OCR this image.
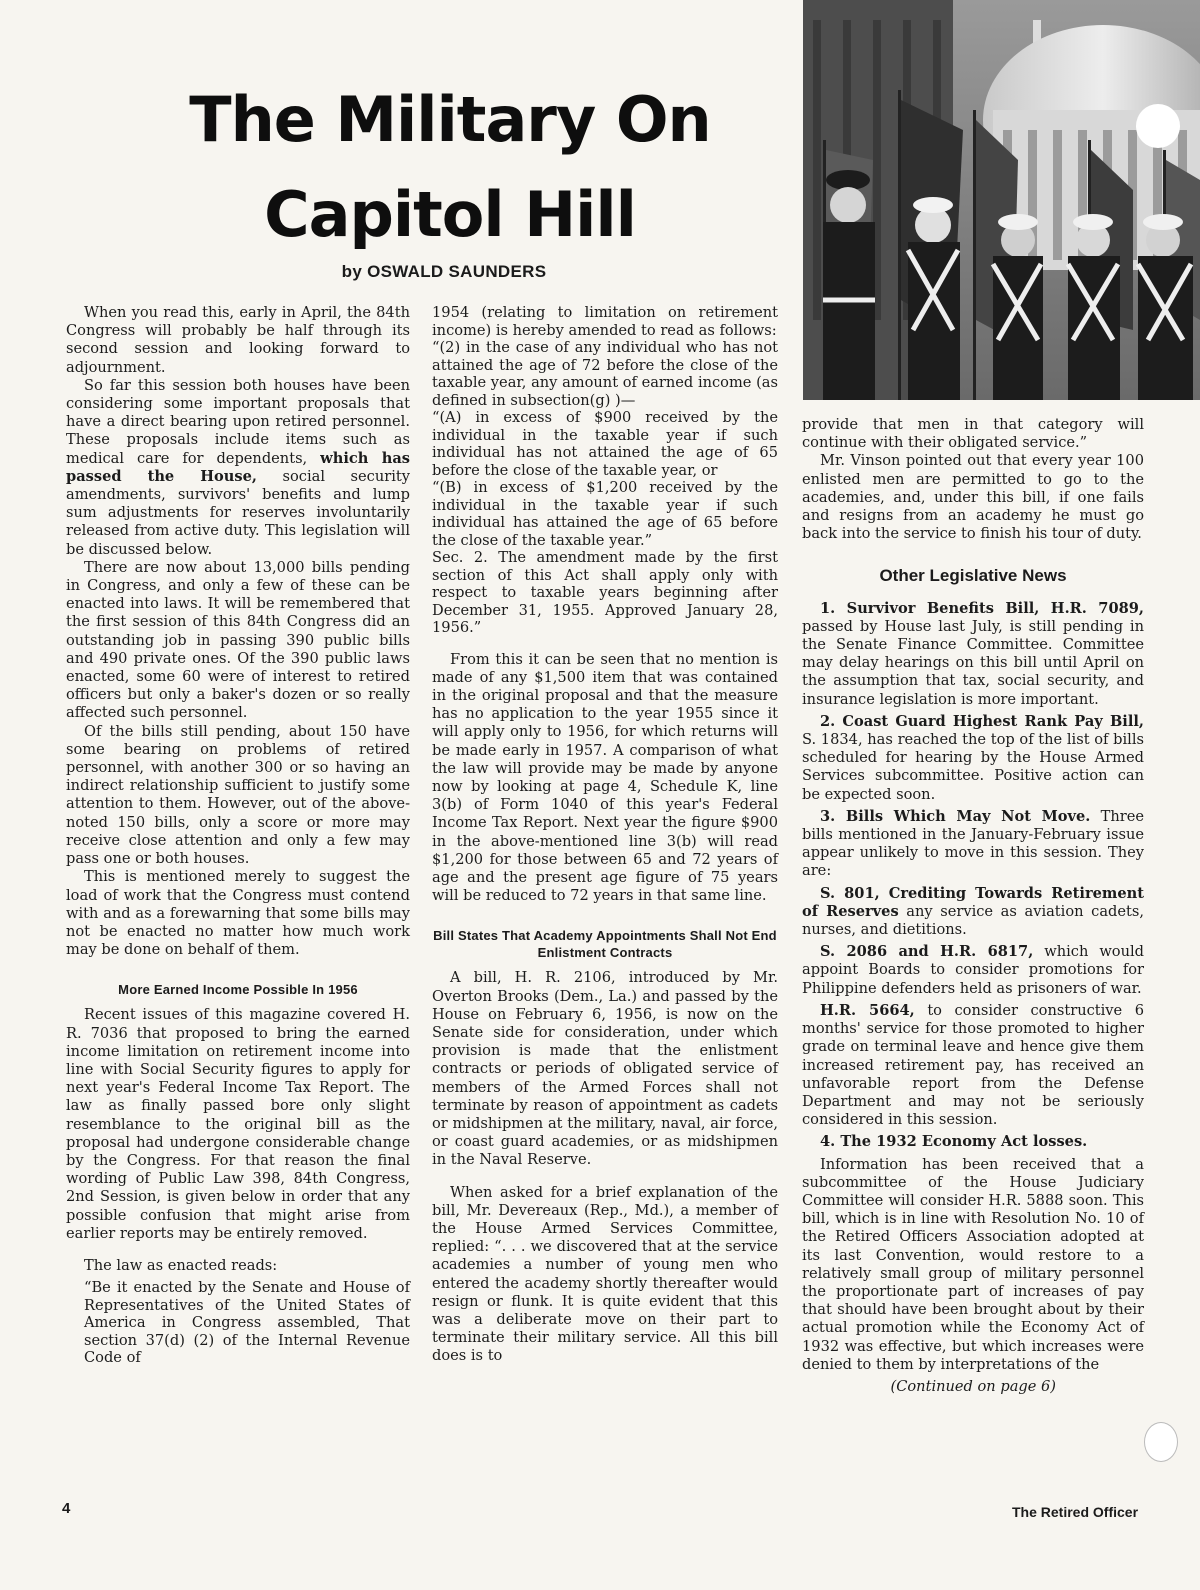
The Military On
Capitol Hill
by OSWALD SAUNDERS

When you read this, early in April, the 84th Congress will probably be half through its second session and looking forward to adjournment.

So far this session both houses have been considering some important proposals that have a direct bearing upon retired personnel. These proposals include items such as medical care for dependents, which has passed the House, social security amendments, survivors' benefits and lump sum adjustments for reserves involuntarily released from active duty. This legislation will be discussed below.

There are now about 13,000 bills pending in Congress, and only a few of these can be enacted into laws. It will be remembered that the first session of this 84th Congress did an outstanding job in passing 390 public bills and 490 private ones. Of the 390 public laws enacted, some 60 were of interest to retired officers but only a baker's dozen or so really affected such personnel.

Of the bills still pending, about 150 have some bearing on problems of retired personnel, with another 300 or so having an indirect relationship sufficient to justify some attention to them. However, out of the above-noted 150 bills, only a score or more may receive close attention and only a few may pass one or both houses.

This is mentioned merely to suggest the load of work that the Congress must contend with and as a forewarning that some bills may not be enacted no matter how much work may be done on behalf of them.

More Earned Income Possible In 1956

Recent issues of this magazine covered H. R. 7036 that proposed to bring the earned income limitation on retirement income into line with Social Security figures to apply for next year's Federal Income Tax Report. The law as finally passed bore only slight resemblance to the original bill as the proposal had undergone considerable change by the Congress. For that reason the final wording of Public Law 398, 84th Congress, 2nd Session, is given below in order that any possible confusion that might arise from earlier reports may be entirely removed.

The law as enacted reads:

“Be it enacted by the Senate and House of Representatives of the United States of America in Congress assembled, That section 37(d) (2) of the Internal Revenue Code of

1954 (relating to limitation on retirement income) is hereby amended to read as follows:

“(2) in the case of any individual who has not attained the age of 72 before the close of the taxable year, any amount of earned income (as defined in subsection(g) )—

“(A) in excess of $900 received by the individual in the taxable year if such individual has not attained the age of 65 before the close of the taxable year, or

“(B) in excess of $1,200 received by the individual in the taxable year if such individual has attained the age of 65 before the close of the taxable year.”

Sec. 2. The amendment made by the first section of this Act shall apply only with respect to taxable years beginning after December 31, 1955. Approved January 28, 1956.”

From this it can be seen that no mention is made of any $1,500 item that was contained in the original proposal and that the measure has no application to the year 1955 since it will apply only to 1956, for which returns will be made early in 1957. A comparison of what the law will provide may be made by anyone now by looking at page 4, Schedule K, line 3(b) of Form 1040 of this year's Federal Income Tax Report. Next year the figure $900 in the above-mentioned line 3(b) will read $1,200 for those between 65 and 72 years of age and the present age figure of 75 years will be reduced to 72 years in that same line.

Bill States That Academy Appointments Shall Not End Enlistment Contracts

A bill, H. R. 2106, introduced by Mr. Overton Brooks (Dem., La.) and passed by the House on February 6, 1956, is now on the Senate side for consideration, under which provision is made that the enlistment contracts or periods of obligated service of members of the Armed Forces shall not terminate by reason of appointment as cadets or midshipmen at the military, naval, air force, or coast guard academies, or as midshipmen in the Naval Reserve.

When asked for a brief explanation of the bill, Mr. Devereaux (Rep., Md.), a member of the House Armed Services Committee, replied: “. . . we discovered that at the service academies a number of young men who entered the academy shortly thereafter would resign or flunk. It is quite evident that this was a deliberate move on their part to terminate their military service. All this bill does is to

provide that men in that category will continue with their obligated service.”

Mr. Vinson pointed out that every year 100 enlisted men are permitted to go to the academies, and, under this bill, if one fails and resigns from an academy he must go back into the service to finish his tour of duty.

Other Legislative News

1. Survivor Benefits Bill, H.R. 7089, passed by House last July, is still pending in the Senate Finance Committee. Committee may delay hearings on this bill until April on the assumption that tax, social security, and insurance legislation is more important.

2. Coast Guard Highest Rank Pay Bill, S. 1834, has reached the top of the list of bills scheduled for hearing by the House Armed Services subcommittee. Positive action can be expected soon.

3. Bills Which May Not Move. Three bills mentioned in the January-February issue appear unlikely to move in this session. They are:

S. 801, Crediting Towards Retirement of Reserves any service as aviation cadets, nurses, and dietitions.

S. 2086 and H.R. 6817, which would appoint Boards to consider promotions for Philippine defenders held as prisoners of war.

H.R. 5664, to consider constructive 6 months' service for those promoted to higher grade on terminal leave and hence give them increased retirement pay, has received an unfavorable report from the Defense Department and may not be seriously considered in this session.

4. The 1932 Economy Act losses.

Information has been received that a subcommittee of the House Judiciary Committee will consider H.R. 5888 soon. This bill, which is in line with Resolution No. 10 of the Retired Officers Association adopted at its last Convention, would restore to a relatively small group of military personnel the proportionate part of increases of pay that should have been brought about by their actual promotion while the Economy Act of 1932 was effective, but which increases were denied to them by interpretations of the

(Continued on page 6)

4	The Retired Officer
